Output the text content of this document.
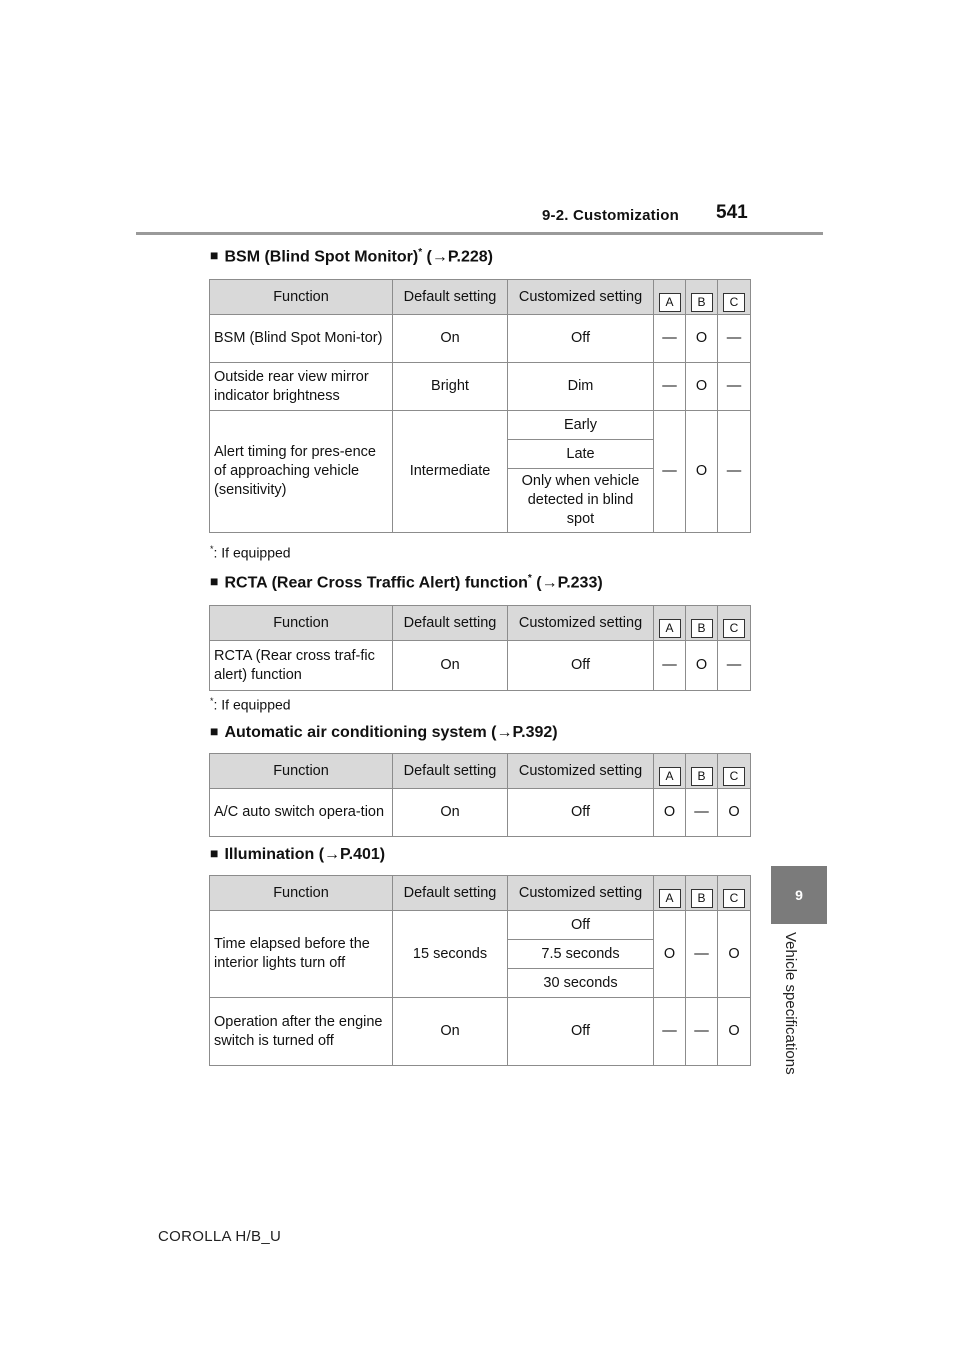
9-2. Customization 541
9
Vehicle specifications
■ BSM (Blind Spot Monitor)* (→P.228)
Function	Default setting	Customized setting	A	B	C
BSM (Blind Spot Moni-tor)	On	Off	—	O	—
Outside rear view mirror indicator brightness	Bright	Dim	—	O	—
Alert timing for pres-ence of approaching vehicle (sensitivity)	Intermediate	Early	—	O	—
		Late			
		Only when vehicle detected in blind spot			
*: If equipped
■ RCTA (Rear Cross Traffic Alert) function* (→P.233)
Function	Default setting	Customized setting	A	B	C
RCTA (Rear cross traf-fic alert) function	On	Off	—	O	—
*: If equipped
■ Automatic air conditioning system (→P.392)
Function	Default setting	Customized setting	A	B	C
A/C auto switch opera-tion	On	Off	O	—	O
■ Illumination (→P.401)
Function	Default setting	Customized setting	A	B	C
Time elapsed before the interior lights turn off	15 seconds	Off	O	—	O
		7.5 seconds			
		30 seconds			
Operation after the engine switch is turned off	On	Off	—	—	O
COROLLA H/B_U
